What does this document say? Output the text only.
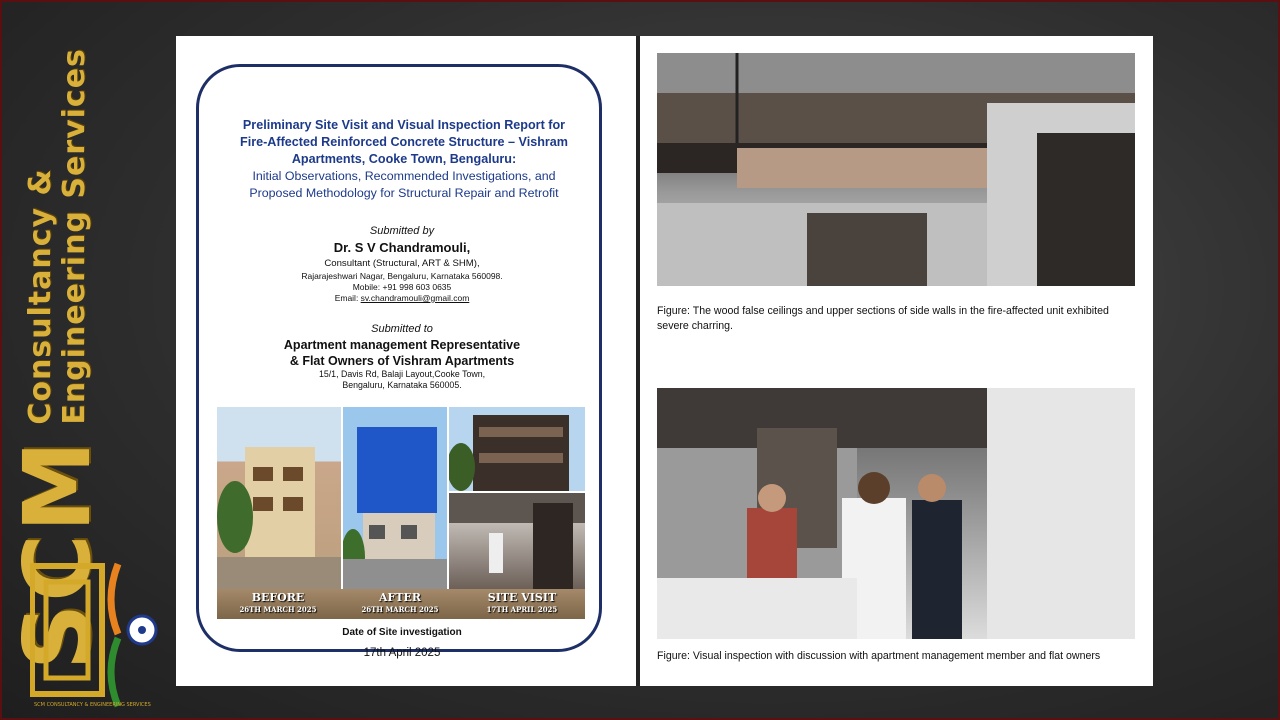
SCM
Consultancy & Engineering Services
SCM CONSULTANCY & ENGINEERING SERVICES
Preliminary Site Visit and Visual Inspection Report for Fire-Affected Reinforced Concrete Structure – Vishram Apartments, Cooke Town, Bengaluru:
Initial Observations, Recommended Investigations, and Proposed Methodology for Structural Repair and Retrofit
Submitted by
Dr. S V Chandramouli,
Consultant (Structural, ART & SHM),
Rajarajeshwari Nagar, Bengaluru, Karnataka 560098.
Mobile: +91 998 603 0635
Email: sv.chandramouli@gmail.com
Submitted to
Apartment management Representative
& Flat Owners of Vishram Apartments
15/1, Davis Rd, Balaji Layout,Cooke Town,
Bengaluru, Karnataka 560005.
BEFORE
26TH MARCH 2025
AFTER
26TH MARCH 2025
SITE VISIT
17TH APRIL 2025
Date of Site investigation
17th April 2025
Figure: The wood false ceilings and upper sections of side walls in the fire-affected unit exhibited severe charring.
Figure: Visual inspection with discussion with apartment management member and flat owners
